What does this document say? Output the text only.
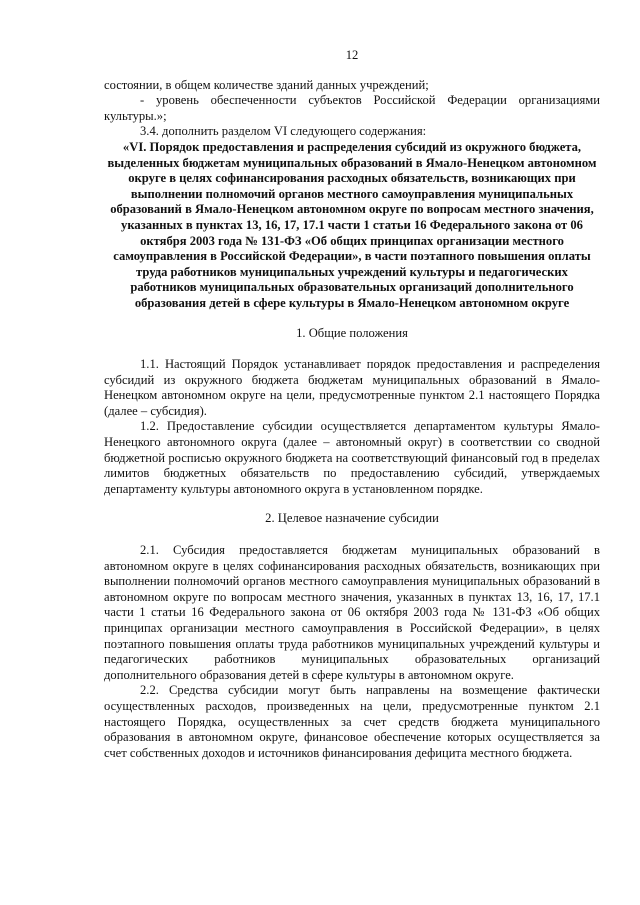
12

состоянии, в общем количестве зданий данных учреждений;

- уровень обеспеченности субъектов Российской Федерации организациями культуры.»;

3.4. дополнить разделом VI следующего содержания:

«VI. Порядок предоставления и распределения субсидий из окружного бюджета, выделенных бюджетам муниципальных образований в Ямало-Ненецком автономном округе в целях софинансирования расходных обязательств, возникающих при выполнении полномочий органов местного самоуправления муниципальных образований в Ямало-Ненецком автономном округе по вопросам местного значения, указанных в пунктах 13, 16, 17, 17.1 части 1 статьи 16 Федерального закона от 06 октября 2003 года № 131-ФЗ «Об общих принципах организации местного самоуправления в Российской Федерации», в части поэтапного повышения оплаты труда работников муниципальных учреждений культуры и педагогических работников муниципальных образовательных организаций дополнительного образования детей в сфере культуры в Ямало-Ненецком автономном округе

1. Общие положения

1.1. Настоящий Порядок устанавливает порядок предоставления и распределения субсидий из окружного бюджета бюджетам муниципальных образований в Ямало-Ненецком автономном округе на цели, предусмотренные пунктом 2.1 настоящего Порядка (далее – субсидия).

1.2. Предоставление субсидии осуществляется департаментом культуры Ямало-Ненецкого автономного округа (далее – автономный округ) в соответствии со сводной бюджетной росписью окружного бюджета на соответствующий финансовый год в пределах лимитов бюджетных обязательств по предоставлению субсидий, утверждаемых департаменту культуры автономного округа в установленном порядке.

2. Целевое назначение субсидии

2.1. Субсидия предоставляется бюджетам муниципальных образований в автономном округе в целях софинансирования расходных обязательств, возникающих при выполнении полномочий органов местного самоуправления муниципальных образований в автономном округе по вопросам местного значения, указанных в пунктах 13, 16, 17, 17.1 части 1 статьи 16 Федерального закона от 06 октября 2003 года № 131-ФЗ «Об общих принципах организации местного самоуправления в Российской Федерации», в целях поэтапного повышения оплаты труда работников муниципальных учреждений культуры и педагогических работников муниципальных образовательных организаций дополнительного образования детей в сфере культуры в автономном округе.

2.2. Средства субсидии могут быть направлены на возмещение фактически осуществленных расходов, произведенных на цели, предусмотренные пунктом 2.1 настоящего Порядка, осуществленных за счет средств бюджета муниципального образования в автономном округе, финансовое обеспечение которых осуществляется за счет собственных доходов и источников финансирования дефицита местного бюджета.
